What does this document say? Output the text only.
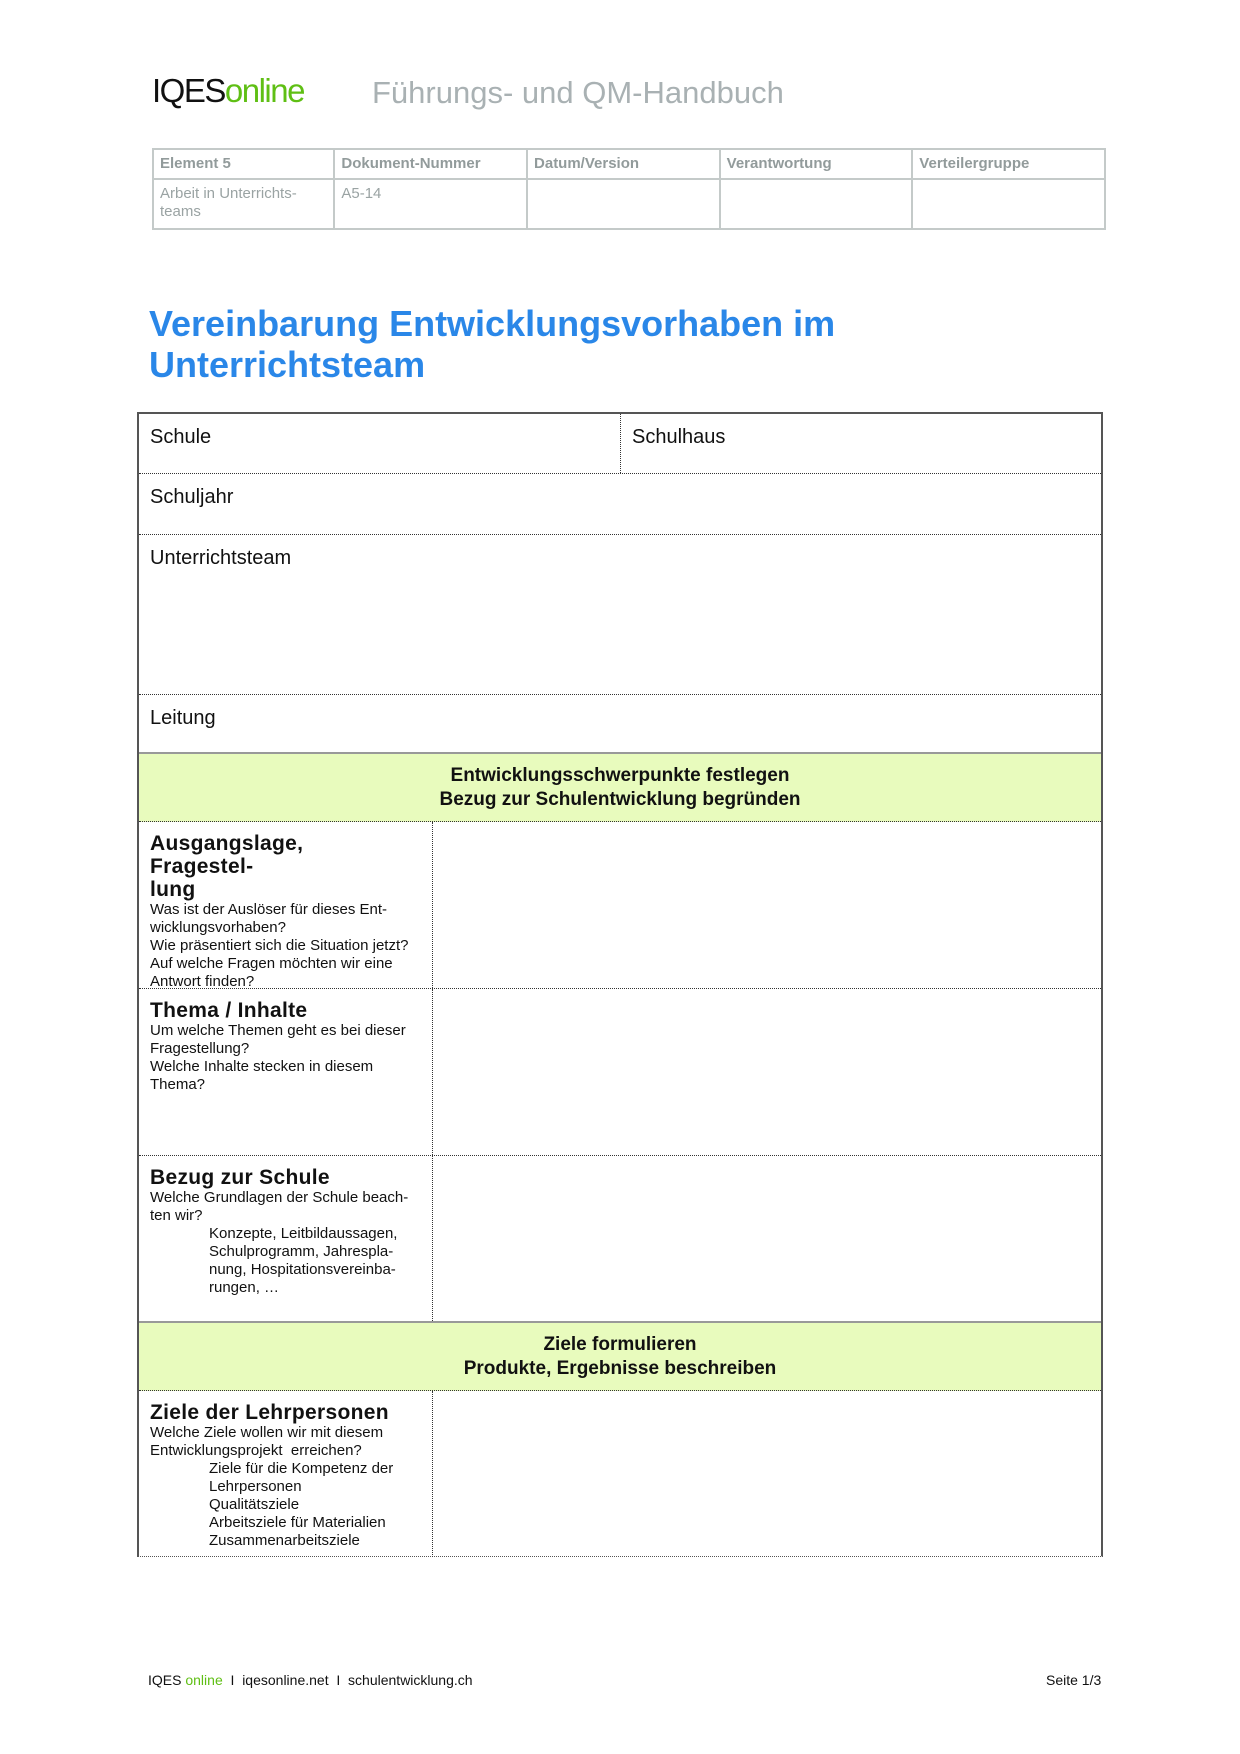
IQESonline Führungs- und QM-Handbuch
Element 5	Dokument-Nummer	Datum/Version	Verantwortung	Verteilergruppe
Arbeit in Unterrichts-teams	A5-14			
Vereinbarung Entwicklungsvorhaben im Unterrichtsteam
Schule	Schulhaus
Schuljahr
Unterrichtsteam
Leitung
Entwicklungsschwerpunkte festlegen
Bezug zur Schulentwicklung begründen
Ausgangslage, Fragestel-
lung
Was ist der Auslöser für dieses Ent-
wicklungsvorhaben?
Wie präsentiert sich die Situation jetzt?
Auf welche Fragen möchten wir eine
Antwort finden?
Thema / Inhalte
Um welche Themen geht es bei dieser
Fragestellung?
Welche Inhalte stecken in diesem
Thema?
Bezug zur Schule
Welche Grundlagen der Schule beach-
ten wir?
Konzepte, Leitbildaussagen,
Schulprogramm, Jahrespla-
nung, Hospitationsvereinba-
rungen, …
Ziele formulieren
Produkte, Ergebnisse beschreiben
Ziele der Lehrpersonen
Welche Ziele wollen wir mit diesem
Entwicklungsprojekt  erreichen?
Ziele für die Kompetenz der
Lehrpersonen
Qualitätsziele
Arbeitsziele für Materialien
Zusammenarbeitsziele
IQES online I iqesonline.net I schulentwicklung.ch	Seite 1/3
